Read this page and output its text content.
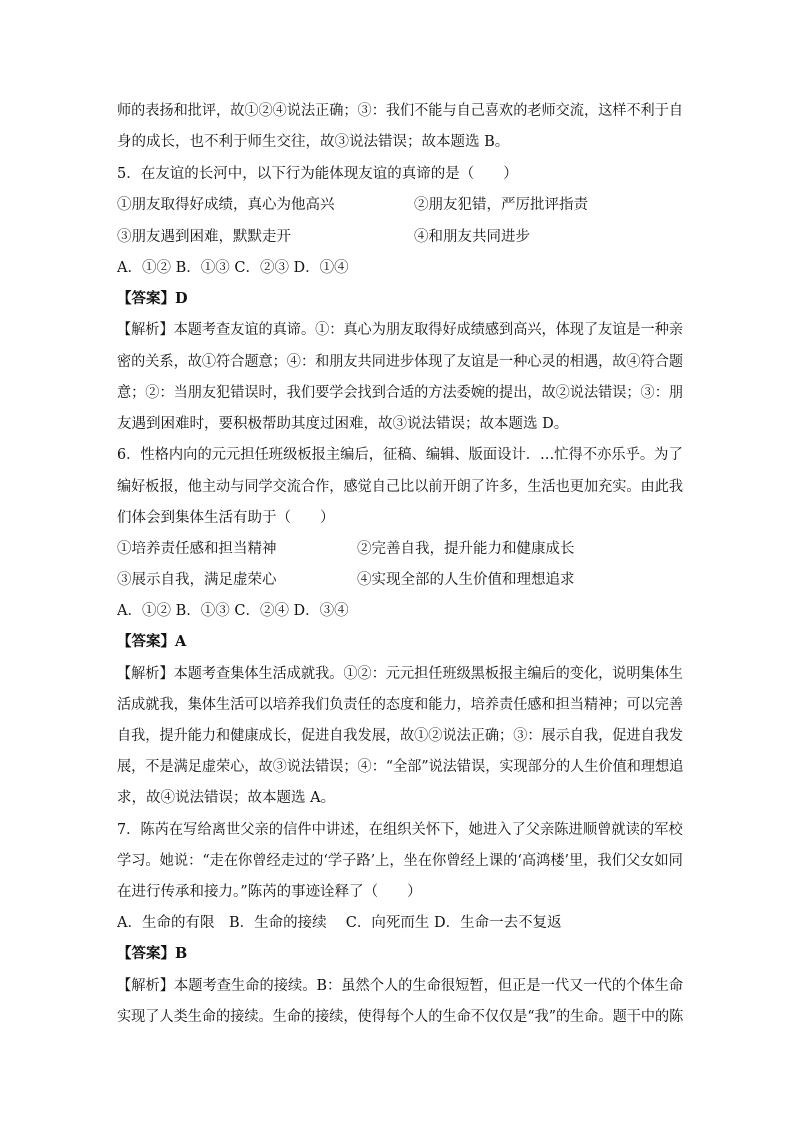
师的表扬和批评，故①②④说法正确；③：我们不能与自己喜欢的老师交流，这样不利于自
身的成长，也不利于师生交往，故③说法错误；故本题选 B。
5．在友谊的长河中，以下行为能体现友谊的真谛的是（　　）
①朋友取得好成绩，真心为他高兴	②朋友犯错，严厉批评指责
③朋友遇到困难，默默走开	④和朋友共同进步
A．①② B．①③ C．②③ D．①④
【答案】D
【解析】本题考查友谊的真谛。①：真心为朋友取得好成绩感到高兴，体现了友谊是一种亲
密的关系，故①符合题意；④：和朋友共同进步体现了友谊是一种心灵的相遇，故④符合题
意；②：当朋友犯错误时，我们要学会找到合适的方法委婉的提出，故②说法错误；③：朋
友遇到困难时，要积极帮助其度过困难，故③说法错误；故本题选 D。
6．性格内向的元元担任班级板报主编后，征稿、编辑、版面设计．…忙得不亦乐乎。为了
编好板报，他主动与同学交流合作，感觉自己比以前开朗了许多，生活也更加充实。由此我
们体会到集体生活有助于（　　）
①培养责任感和担当精神	②完善自我，提升能力和健康成长
③展示自我，满足虚荣心	④实现全部的人生价值和理想追求
A．①② B．①③ C．②④ D．③④
【答案】A
【解析】本题考查集体生活成就我。①②：元元担任班级黑板报主编后的变化，说明集体生
活成就我，集体生活可以培养我们负责任的态度和能力，培养责任感和担当精神；可以完善
自我，提升能力和健康成长，促进自我发展，故①②说法正确；③：展示自我，促进自我发
展，不是满足虚荣心，故③说法错误；④：“全部”说法错误，实现部分的人生价值和理想追
求，故④说法错误；故本题选 A。
7．陈芮在写给离世父亲的信件中讲述，在组织关怀下，她进入了父亲陈进顺曾就读的军校
学习。她说：“走在你曾经走过的‘学子路’上，坐在你曾经上课的‘高鸿楼’里，我们父女如同
在进行传承和接力。”陈芮的事迹诠释了（　　）
A．生命的有限　B．生命的接续　 C．向死而生 D．生命一去不复返
【答案】B
【解析】本题考查生命的接续。B：虽然个人的生命很短暂，但正是一代又一代的个体生命
实现了人类生命的接续。生命的接续，使得每个人的生命不仅仅是“我”的生命。题干中的陈
